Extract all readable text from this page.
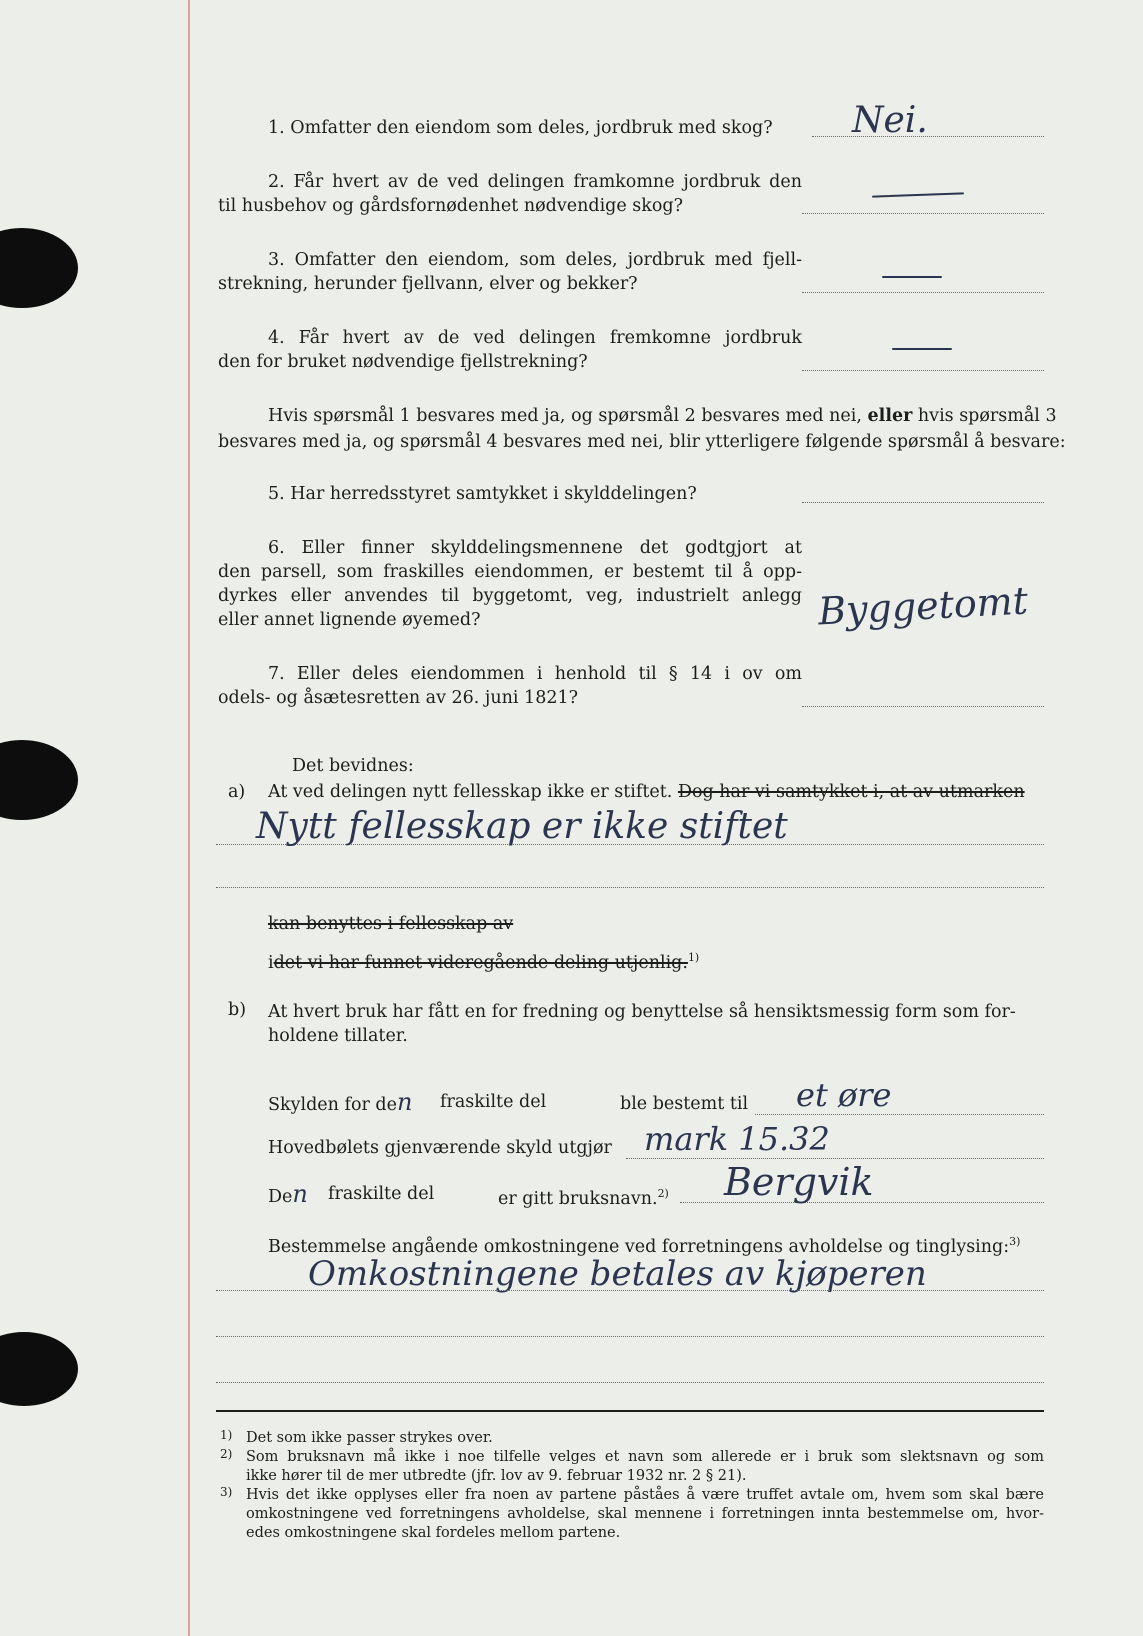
1. Omfatter den eiendom som deles, jordbruk med skog? Nei.
2. Får hvert av de ved delingen framkomne jordbruk den
til husbehov og gårdsfornødenhet nødvendige skog?
3. Omfatter den eiendom, som deles, jordbruk med fjell-
strekning, herunder fjellvann, elver og bekker?
4. Får hvert av de ved delingen fremkomne jordbruk
den for bruket nødvendige fjellstrekning?
Hvis spørsmål 1 besvares med ja, og spørsmål 2 besvares med nei, eller hvis spørsmål 3
besvares med ja, og spørsmål 4 besvares med nei, blir ytterligere følgende spørsmål å besvare:
5. Har herredsstyret samtykket i skylddelingen?
6. Eller finner skylddelingsmennene det godtgjort at
den parsell, som fraskilles eiendommen, er bestemt til å opp-
dyrkes eller anvendes til byggetomt, veg, industrielt anlegg
eller annet lignende øyemed?	Byggetomt
7. Eller deles eiendommen i henhold til § 14 i ov om
odels- og åsætesretten av 26. juni 1821?
Det bevidnes:
a) At ved delingen nytt fellesskap ikke er stiftet. Dog har vi samtykket i, at av utmarken
Nytt fellesskap er ikke stiftet
kan benyttes i fellesskap av
idet vi har funnet videregående deling utjenlig.$^{1)}$
b) At hvert bruk har fått en for fredning og benyttelse så hensiktsmessig form som for-
holdene tillater.
Skylden for den fraskilte del	ble bestemt til et øre
Hovedbølets gjenværende skyld utgjør mark 15.32
Den fraskilte del	er gitt bruksnavn.$^{2)}$ Bergvik
Bestemmelse angående omkostningene ved forretningens avholdelse og tinglysing:$^{3)}$
Omkostningene betales av kjøperen
1) Det som ikke passer strykes over.
2) Som bruksnavn må ikke i noe tilfelle velges et navn som allerede er i bruk som slektsnavn og som
ikke hører til de mer utbredte (jfr. lov av 9. februar 1932 nr. 2 § 21).
3) Hvis det ikke opplyses eller fra noen av partene påståes å være truffet avtale om, hvem som skal bære
omkostningene ved forretningens avholdelse, skal mennene i forretningen innta bestemmelse om, hvor-
edes omkostningene skal fordeles mellom partene.
